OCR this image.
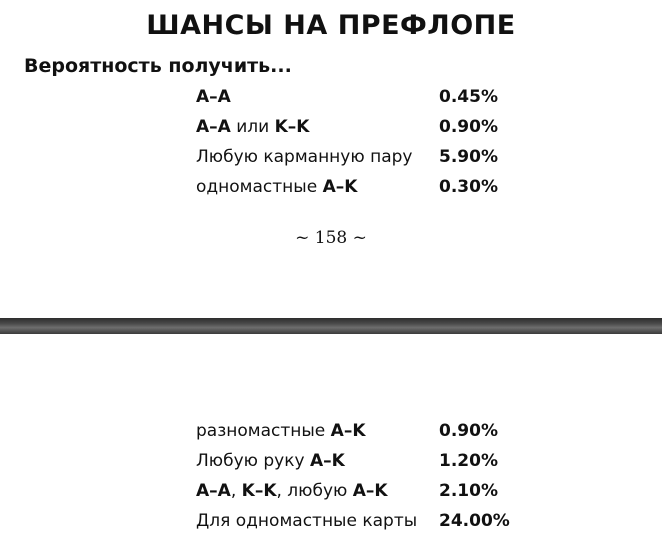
ШАНСЫ НА ПРЕФЛОПЕ
Вероятность получить...
A–A	0.45%
A–A или K–K	0.90%
Любую карманную пару 5.90%
одномастные A–K	0.30%
~ 158 ~
разномастные A–K	0.90%
Любую руку A–K	1.20%
A–A, K–K, любую A–K	2.10%
Для одномастные карты 24.00%
